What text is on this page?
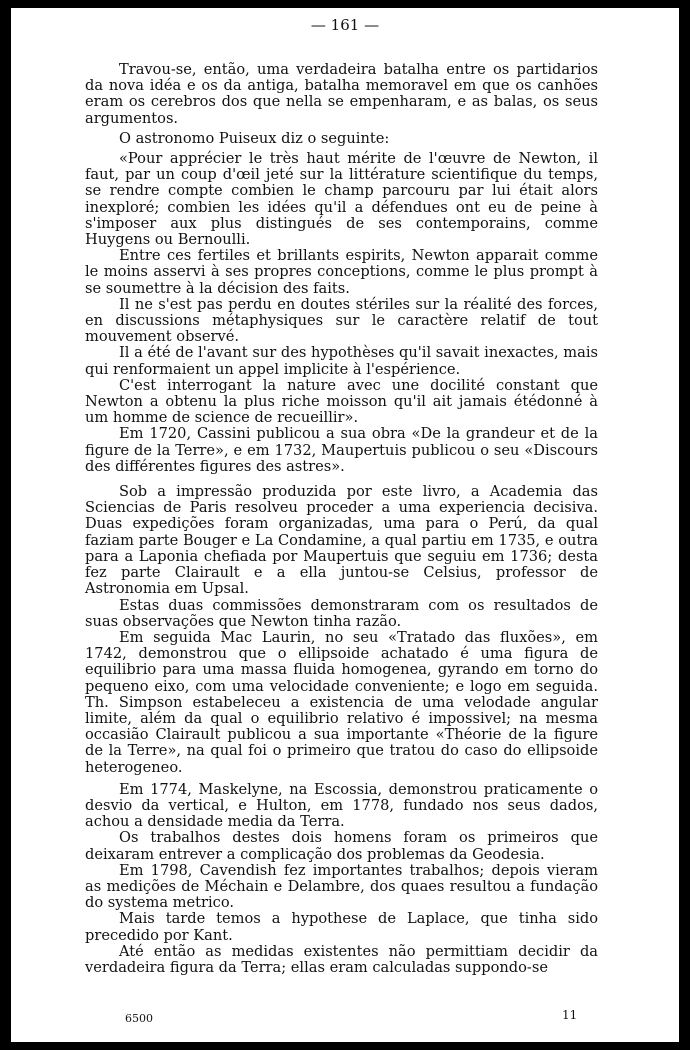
— 161 —

Travou-se, então, uma verdadeira batalha entre os partidarios da nova idéa e os da antiga, batalha memoravel em que os canhões eram os cerebros dos que nella se empenharam, e as balas, os seus argumentos.

O astronomo Puiseux diz o seguinte:

«Pour apprécier le très haut mérite de l'œuvre de Newton, il faut, par un coup d'œil jeté sur la littérature scientifique du temps, se rendre compte combien le champ parcouru par lui était alors inexploré; combien les idées qu'il a défendues ont eu de peine à s'imposer aux plus distingués de ses contemporains, comme Huygens ou Bernoulli.

Entre ces fertiles et brillants espirits, Newton apparait comme le moins asservi à ses propres conceptions, comme le plus prompt à se soumettre à la décision des faits.

Il ne s'est pas perdu en doutes stériles sur la réalité des forces, en discussions métaphysiques sur le caractère relatif de tout mouvement observé.

Il a été de l'avant sur des hypothèses qu'il savait inexactes, mais qui renformaient un appel implicite à l'espérience.

C'est interrogant la nature avec une docilité constant que Newton a obtenu la plus riche moisson qu'il ait jamais étédonné à um homme de science de recueillir».

Em 1720, Cassini publicou a sua obra «De la grandeur et de la figure de la Terre», e em 1732, Maupertuis publicou o seu «Discours des différentes figures des astres».

Sob a impressão produzida por este livro, a Academia das Sciencias de Paris resolveu proceder a uma experiencia decisiva. Duas expedições foram organizadas, uma para o Perú, da qual faziam parte Bouger e La Condamine, a qual partiu em 1735, e outra para a Laponia chefiada por Maupertuis que seguiu em 1736; desta fez parte Clairault e a ella juntou-se Celsius, professor de Astronomia em Upsal.

Estas duas commissões demonstraram com os resultados de suas observações que Newton tinha razão.

Em seguida Mac Laurin, no seu «Tratado das fluxões», em 1742, demonstrou que o ellipsoide achatado é uma figura de equilibrio para uma massa fluida homogenea, gyrando em torno do pequeno eixo, com uma velocidade conveniente; e logo em seguida. Th. Simpson estabeleceu a existencia de uma velodade angular limite, além da qual o equilibrio relativo é impossivel; na mesma occasião Clairault publicou a sua importante «Théorie de la figure de la Terre», na qual foi o primeiro que tratou do caso do ellipsoide heterogeneo.

Em 1774, Maskelyne, na Escossia, demonstrou praticamente o desvio da vertical, e Hulton, em 1778, fundado nos seus dados, achou a densidade media da Terra.

Os trabalhos destes dois homens foram os primeiros que deixaram entrever a complicação dos problemas da Geodesia.

Em 1798, Cavendish fez importantes trabalhos; depois vieram as medições de Méchain e Delambre, dos quaes resultou a fundação do systema metrico.

Mais tarde temos a hypothese de Laplace, que tinha sido precedido por Kant.

Até então as medidas existentes não permittiam decidir da verdadeira figura da Terra; ellas eram calculadas suppondo-se

6500	11
